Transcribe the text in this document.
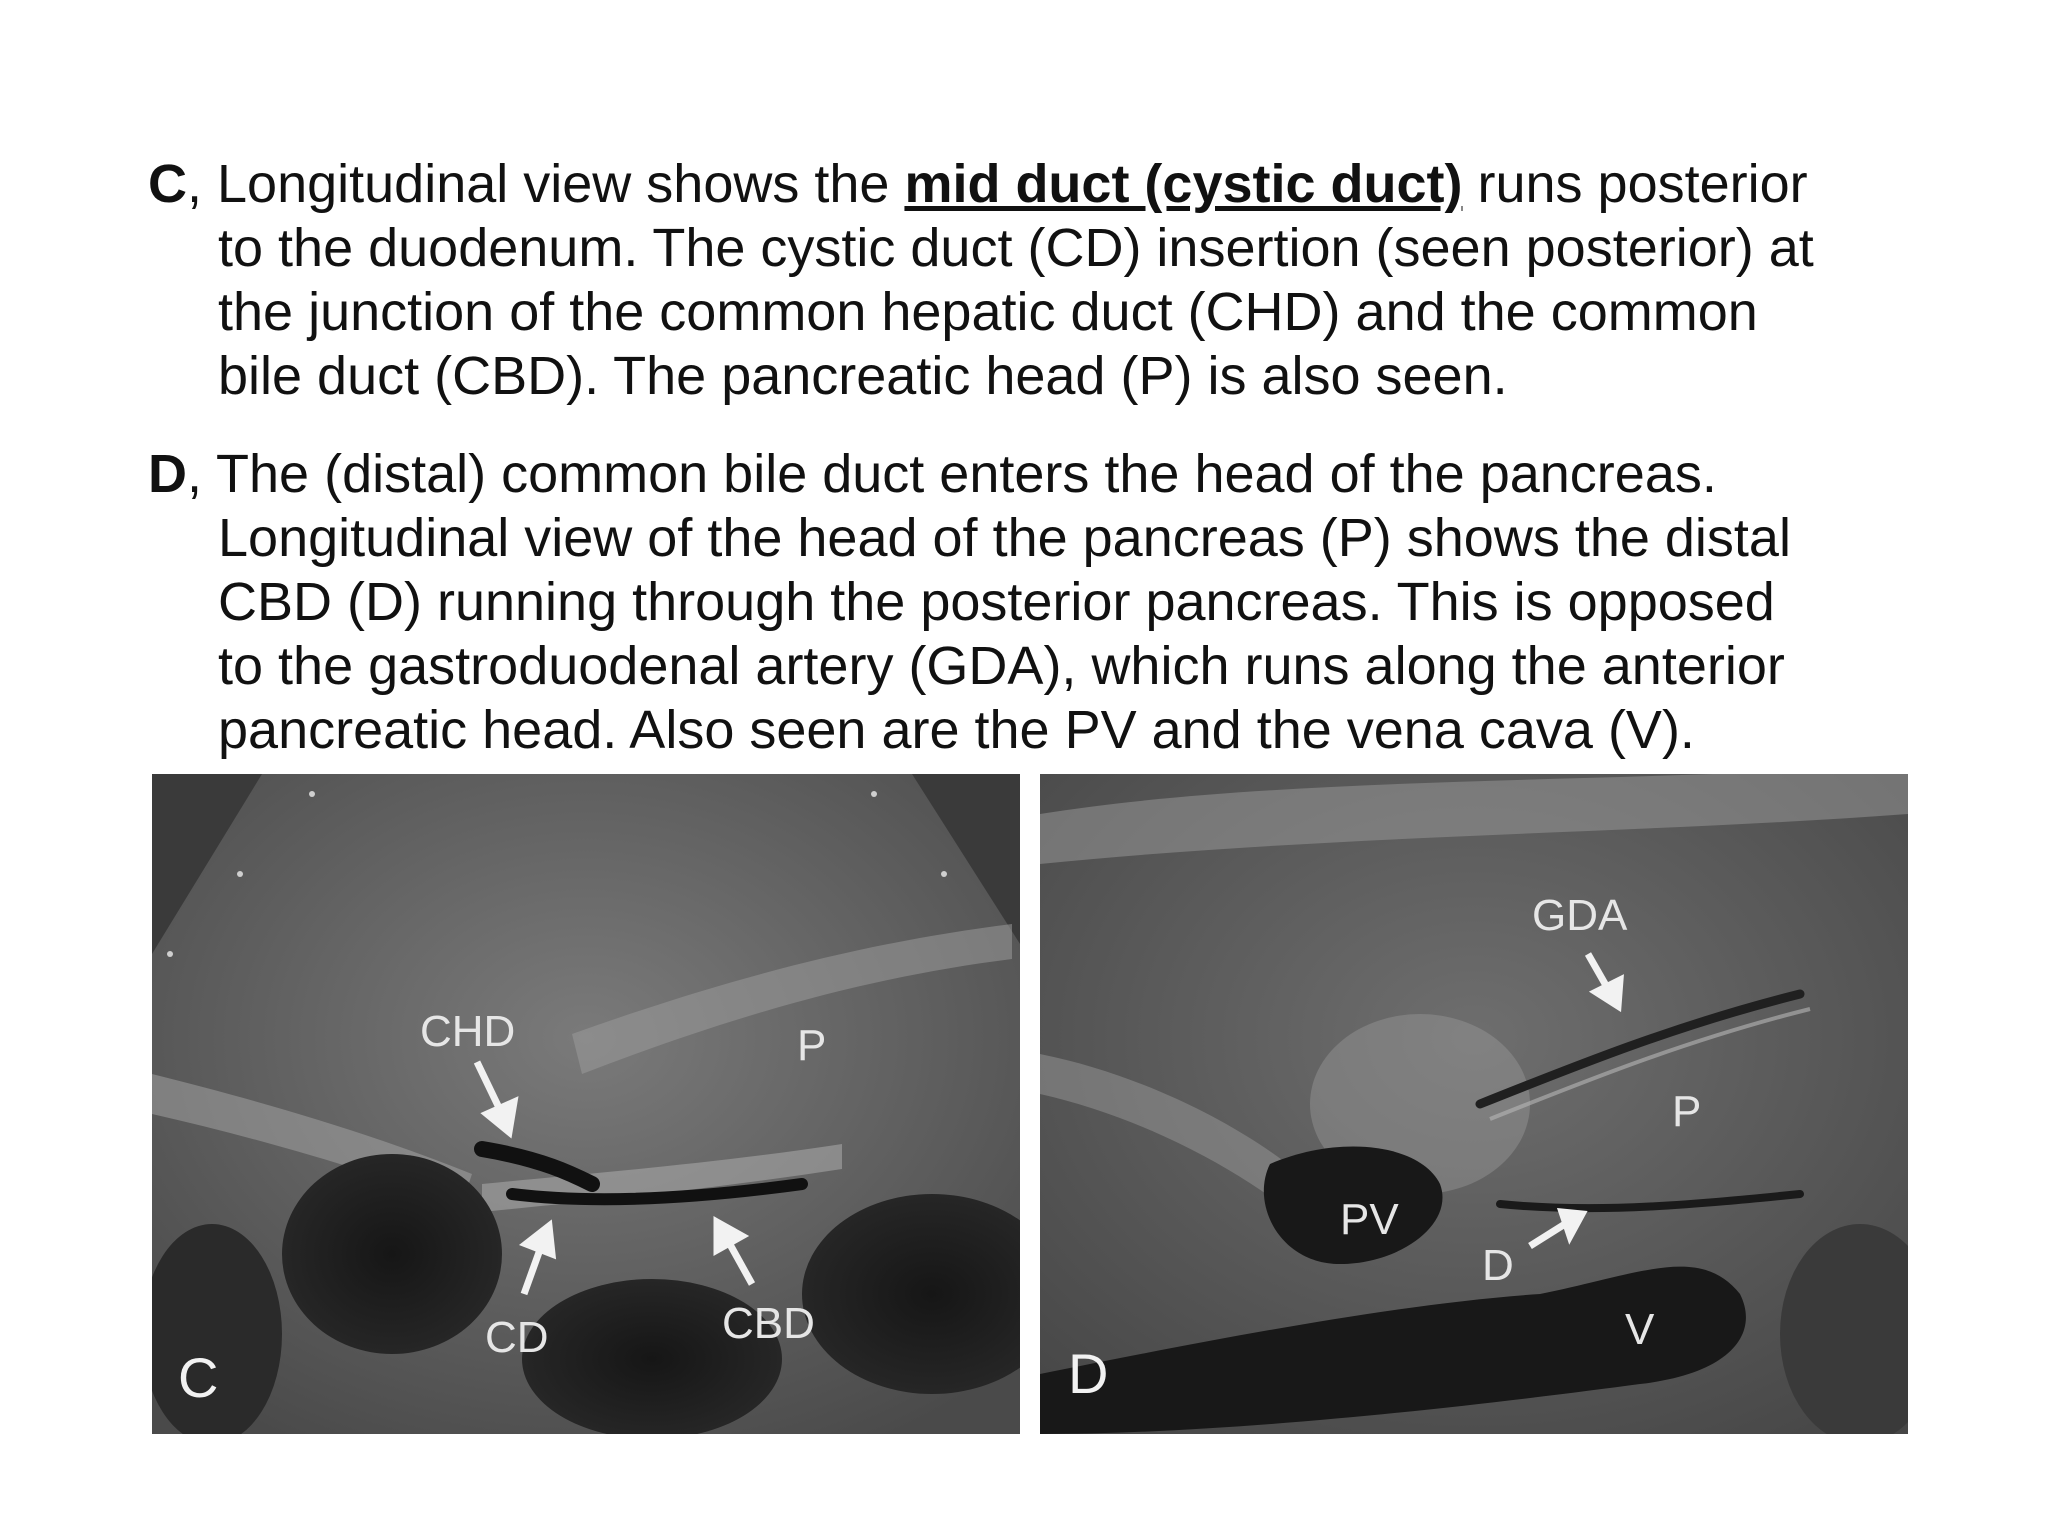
C, Longitudinal view shows the mid duct (cystic duct) runs posterior
to the duodenum. The cystic duct (CD) insertion (seen posterior) at
the junction of the common hepatic duct (CHD) and the common
bile duct (CBD). The pancreatic head (P) is also seen.
D, The (distal) common bile duct enters the head of the pancreas.
Longitudinal view of the head of the pancreas (P) shows the distal
CBD (D) running through the posterior pancreas. This is opposed
to the gastroduodenal artery (GDA), which runs along the anterior
pancreatic head. Also seen are the PV and the vena cava (V).
CHD	P
CD	CBD
C
GDA
P
PV
D
V
D
